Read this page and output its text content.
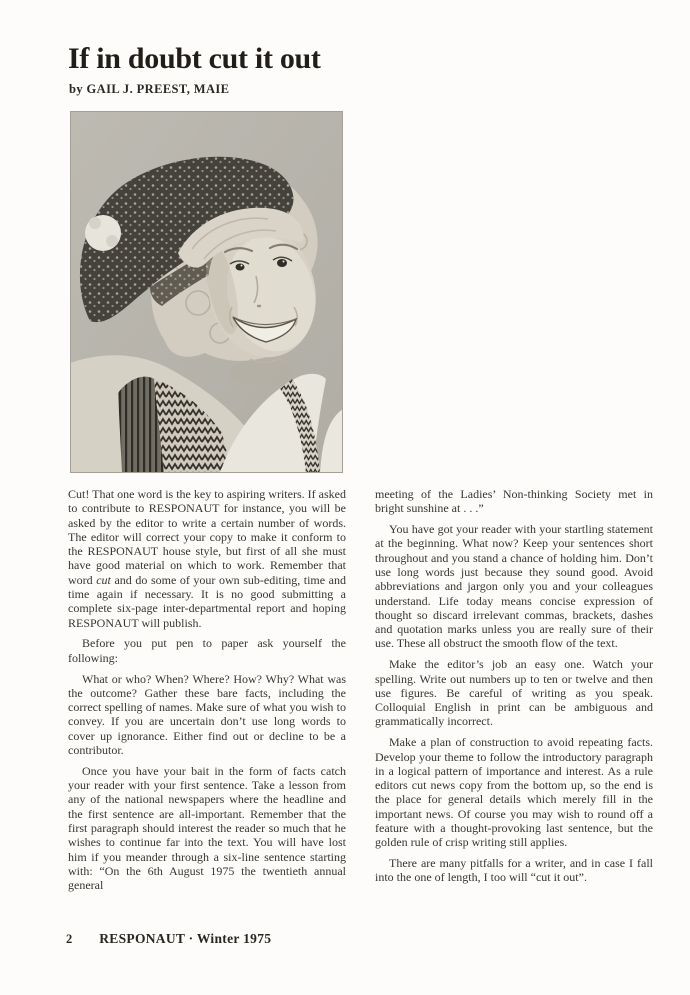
If in doubt cut it out
by GAIL J. PREEST, MAIE

Cut! That one word is the key to aspiring writers. If asked to contribute to RESPONAUT for instance, you will be asked by the editor to write a certain number of words. The editor will correct your copy to make it conform to the RESPONAUT house style, but first of all she must have good material on which to work. Remember that word cut and do some of your own sub-editing, time and time again if necessary. It is no good submitting a complete six-page inter-departmental report and hoping RESPONAUT will publish.

Before you put pen to paper ask yourself the following:

What or who? When? Where? How? Why? What was the outcome? Gather these bare facts, including the correct spelling of names. Make sure of what you wish to convey. If you are uncertain don’t use long words to cover up ignorance. Either find out or decline to be a contributor.

Once you have your bait in the form of facts catch your reader with your first sentence. Take a lesson from any of the national newspapers where the headline and the first sentence are all-important. Remember that the first paragraph should interest the reader so much that he wishes to continue far into the text. You will have lost him if you meander through a six-line sentence starting with: “On the 6th August 1975 the twentieth annual general

meeting of the Ladies’ Non-thinking Society met in bright sunshine at . . .”

You have got your reader with your startling statement at the beginning. What now? Keep your sentences short throughout and you stand a chance of holding him. Don’t use long words just because they sound good. Avoid abbreviations and jargon only you and your colleagues understand. Life today means concise expression of thought so discard irrelevant commas, brackets, dashes and quotation marks unless you are really sure of their use. These all obstruct the smooth flow of the text.

Make the editor’s job an easy one. Watch your spelling. Write out numbers up to ten or twelve and then use figures. Be careful of writing as you speak. Colloquial English in print can be ambiguous and grammatically incorrect.

Make a plan of construction to avoid repeating facts. Develop your theme to follow the introductory paragraph in a logical pattern of importance and interest. As a rule editors cut news copy from the bottom up, so the end is the place for general details which merely fill in the important news. Of course you may wish to round off a feature with a thought-provoking last sentence, but the golden rule of crisp writing still applies.

There are many pitfalls for a writer, and in case I fall into the one of length, I too will “cut it out”.

2 RESPONAUT · Winter 1975
